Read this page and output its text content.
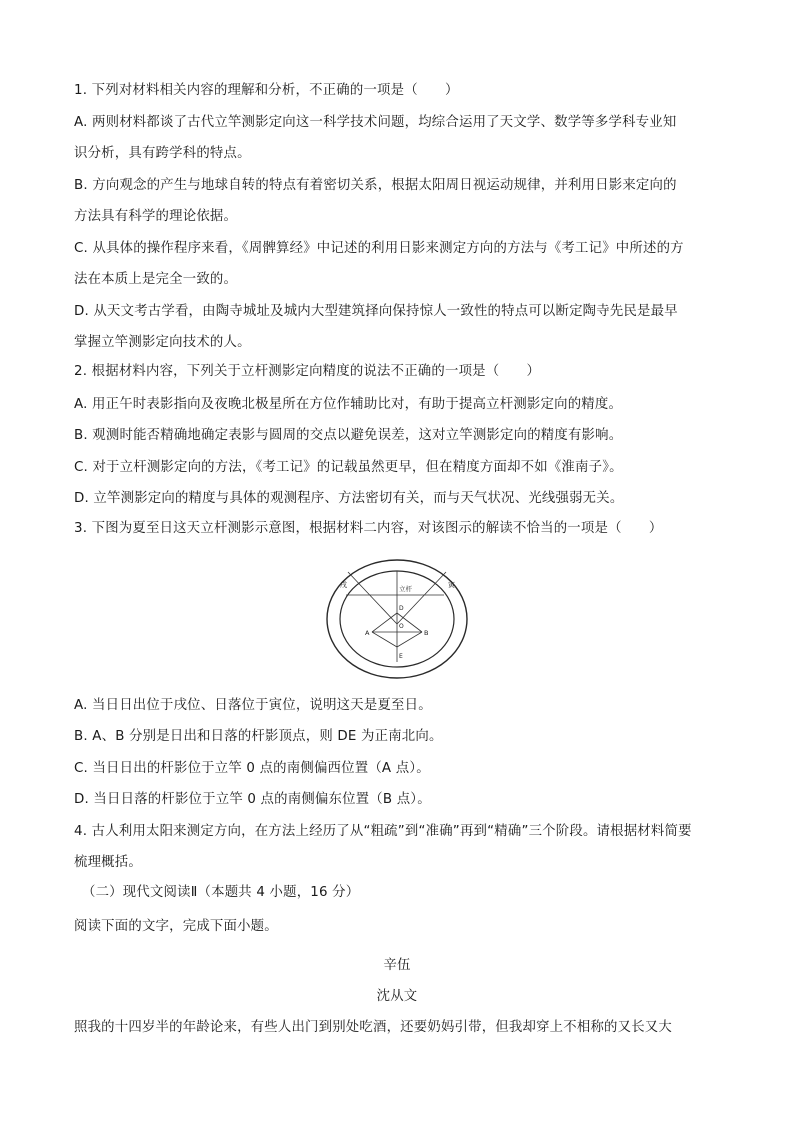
1. 下列对材料相关内容的理解和分析，不正确的一项是（　　）
A. 两则材料都谈了古代立竿测影定向这一科学技术问题，均综合运用了天文学、数学等多学科专业知
识分析，具有跨学科的特点。
B. 方向观念的产生与地球自转的特点有着密切关系，根据太阳周日视运动规律，并利用日影来定向的
方法具有科学的理论依据。
C. 从具体的操作程序来看，《周髀算经》中记述的利用日影来测定方向的方法与《考工记》中所述的方
法在本质上是完全一致的。
D. 从天文考古学看，由陶寺城址及城内大型建筑择向保持惊人一致性的特点可以断定陶寺先民是最早
掌握立竿测影定向技术的人。
2. 根据材料内容，下列关于立杆测影定向精度的说法不正确的一项是（　　）
A. 用正午时表影指向及夜晚北极星所在方位作辅助比对，有助于提高立杆测影定向的精度。
B. 观测时能否精确地确定表影与圆周的交点以避免误差，这对立竿测影定向的精度有影响。
C. 对于立杆测影定向的方法，《考工记》的记载虽然更早，但在精度方面却不如《淮南子》。
D. 立竿测影定向的精度与具体的观测程序、方法密切有关，而与天气状况、光线强弱无关。
3. 下图为夏至日这天立杆测影示意图，根据材料二内容，对该图示的解读不恰当的一项是（　　）
戌	寅
立杆
A	B
O
D
E
A. 当日日出位于戌位、日落位于寅位，说明这天是夏至日。
B. A、B 分别是日出和日落的杆影顶点，则 DE 为正南北向。
C. 当日日出的杆影位于立竿 0 点的南侧偏西位置（A 点）。
D. 当日日落的杆影位于立竿 0 点的南侧偏东位置（B 点）。
4. 古人利用太阳来测定方向，在方法上经历了从“粗疏”到“准确”再到“精确”三个阶段。请根据材料简要
梳理概括。
（二）现代文阅读Ⅱ（本题共 4 小题，16 分）
阅读下面的文字，完成下面小题。
辛伍
沈从文
照我的十四岁半的年龄论来，有些人出门到别处吃酒，还要奶妈引带，但我却穿上不相称的又长又大
